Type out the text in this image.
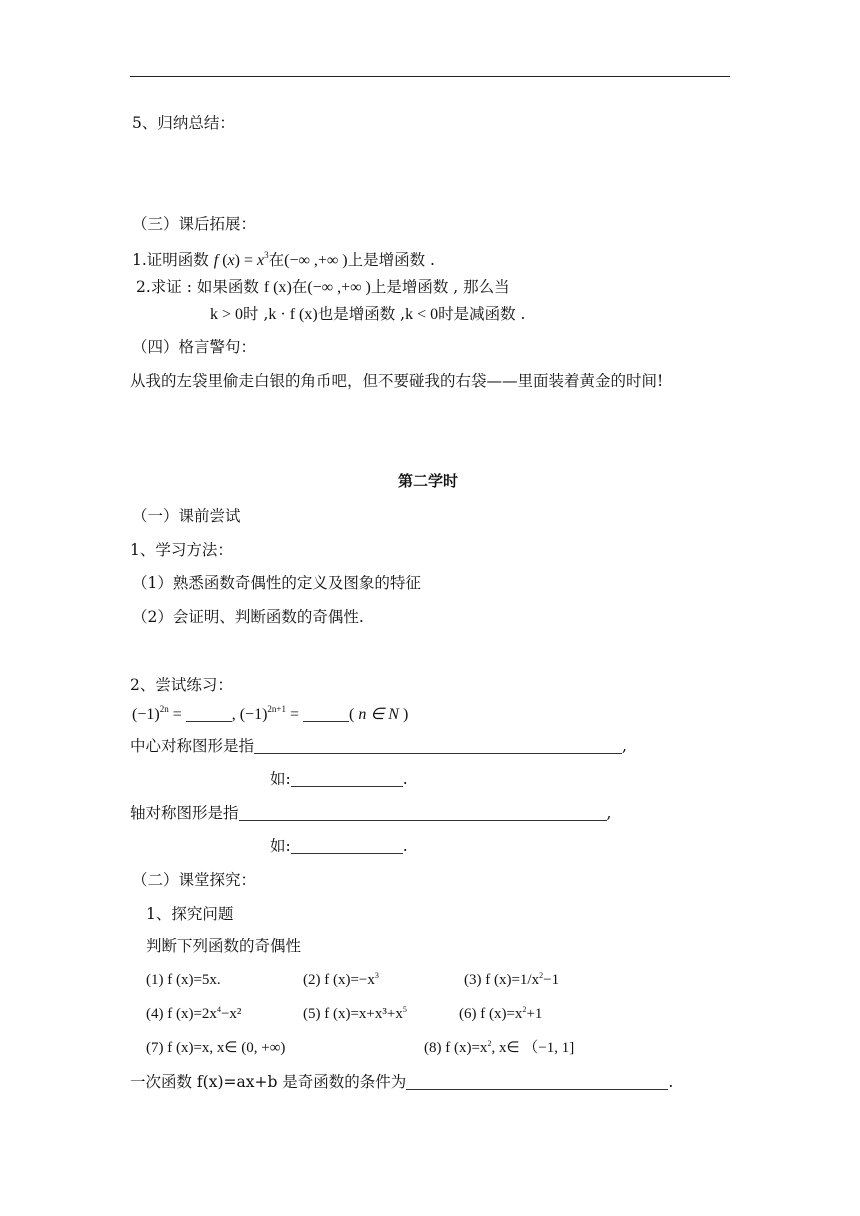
5、归纳总结：
（三）课后拓展：
1.证明函数 f $(x) = x^3$在(−∞ ,+∞ )上是增函数 .
2.求证 : 如果函数 f (x)在(−∞ ,+∞ )上是增函数 , 那么当
k > 0时 ,k · f (x)也是增函数 ,k < 0时是减函数 .
（四）格言警句：
从我的左袋里偷走白银的角币吧，但不要碰我的右袋——里面装着黄金的时间!
第二学时
（一）课前尝试
1、学习方法：
（1）熟悉函数奇偶性的定义及图象的特征
（2）会证明、判断函数的奇偶性.
2、尝试练习：
$(-1)^{2n}$ =	, $(-1)^{2n+1}$ =	( n ∈ N )
中心对称图形是指	,
如:	.
轴对称图形是指	,
如:	.
（二）课堂探究：
1、探究问题
判断下列函数的奇偶性
(1) f (x)=5x.	(2) f $(x)=-x^3$	(3) f $(x)=1/x^2-1$
(4) f $(x)=2x^4-x^2$	(5) f $(x)=x+x^3+x^5$	(6) f $(x)=x^2+1$
(7) f (x)=x, x∈ (0, +∞)	(8) f $(x)=x^2$, x∈ （−1, 1]
一次函数 f(x)=ax+b 是奇函数的条件为	.
